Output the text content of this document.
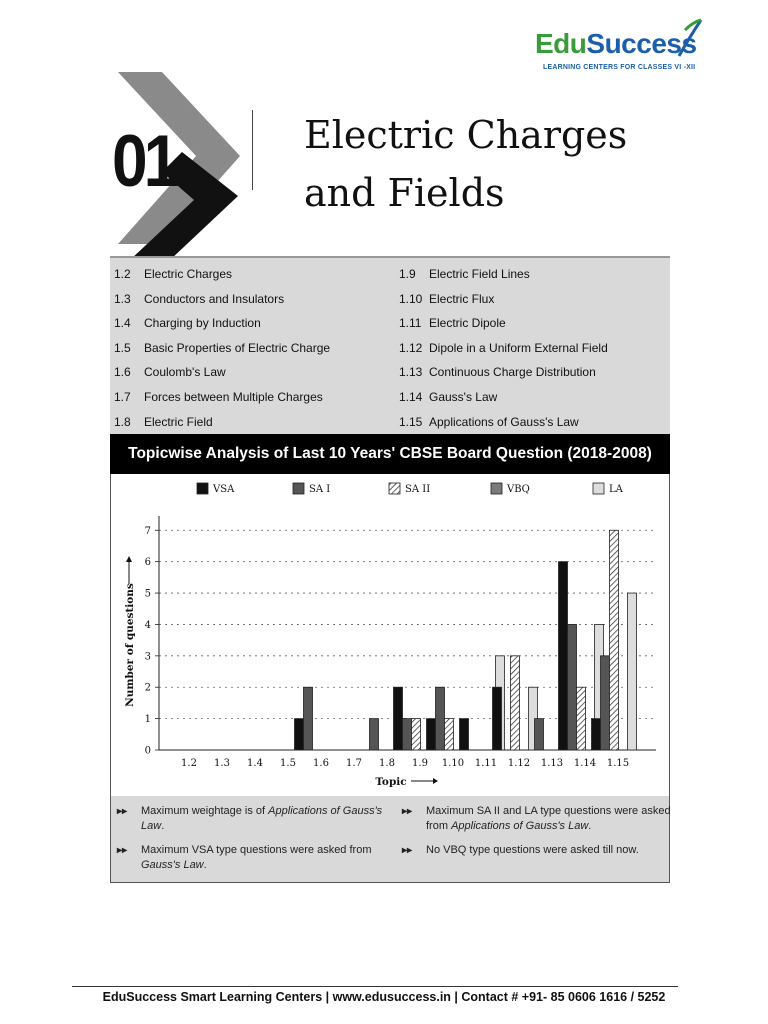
EduSuccess
LEARNING CENTERS FOR CLASSES VI -XII
01	Electric Charges
and Fields
1.2	Electric Charges
1.3	Conductors and Insulators
1.4	Charging by Induction
1.5	Basic Properties of Electric Charge
1.6	Coulomb's Law
1.7	Forces between Multiple Charges
1.8	Electric Field
1.9	Electric Field Lines
1.10 Electric Flux
1.11 Electric Dipole
1.12 Dipole in a Uniform External Field
1.13 Continuous Charge Distribution
1.14 Gauss's Law
1.15 Applications of Gauss's Law
Topicwise Analysis of Last 10 Years' CBSE Board Question (2018-2008)
VSA	SA I	SA II	VBQ	LA
0
1
2
3
4
5
6
7
1.2 1.3 1.4 1.5 1.6 1.7 1.8 1.9 1.10 1.11 1.12 1.13 1.14 1.15
Topic
Number of questions
▸▸ Maximum weightage is of Applications of Gauss's Law.
▸▸ Maximum SA II and LA type questions were asked from Applications of Gauss's Law.
▸▸ Maximum VSA type questions were asked from Gauss's Law.
▸▸ No VBQ type questions were asked till now.
EduSuccess Smart Learning Centers | www.edusuccess.in | Contact # +91- 85 0606 1616 / 5252
